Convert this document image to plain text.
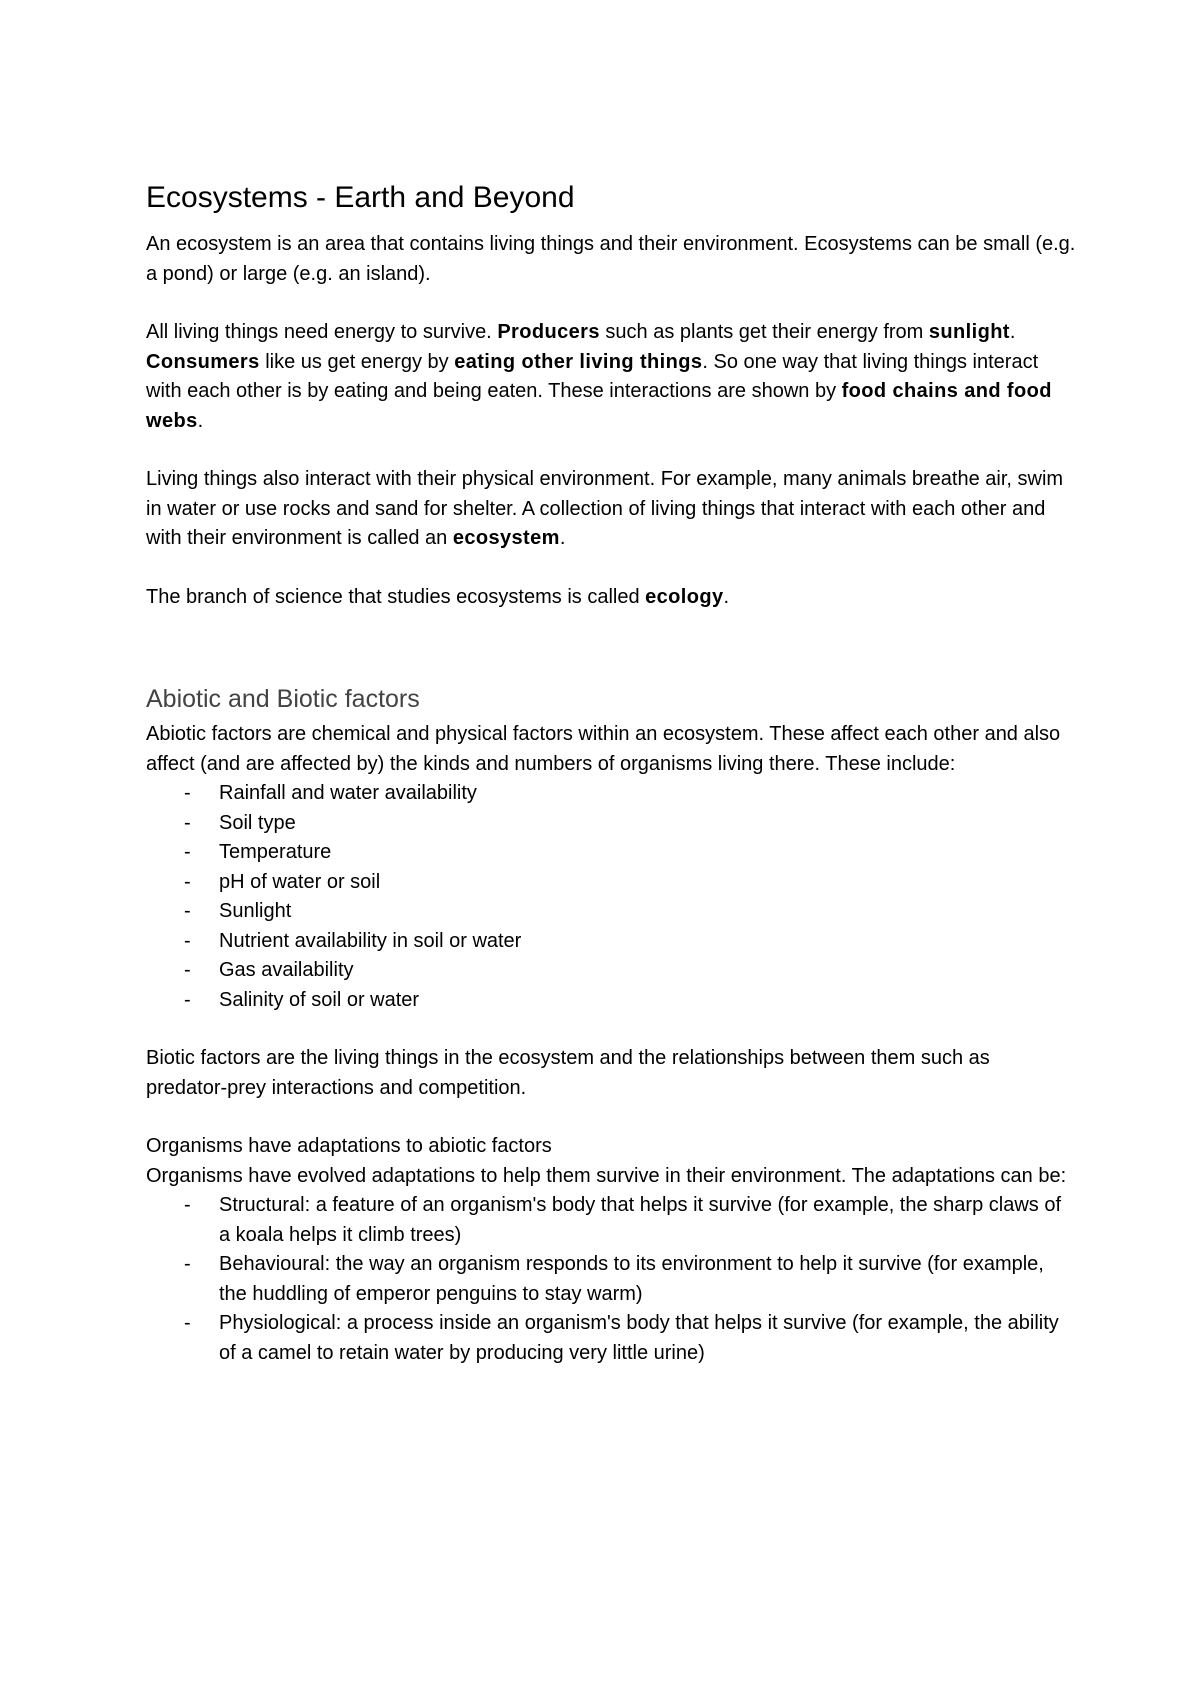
Ecosystems - Earth and Beyond

An ecosystem is an area that contains living things and their environment. Ecosystems can be small (e.g. a pond) or large (e.g. an island).

All living things need energy to survive. Producers such as plants get their energy from sunlight. Consumers like us get energy by eating other living things. So one way that living things interact with each other is by eating and being eaten. These interactions are shown by food chains and food webs.

Living things also interact with their physical environment. For example, many animals breathe air, swim in water or use rocks and sand for shelter. A collection of living things that interact with each other and with their environment is called an ecosystem.

The branch of science that studies ecosystems is called ecology.

Abiotic and Biotic factors

Abiotic factors are chemical and physical factors within an ecosystem. These affect each other and also affect (and are affected by) the kinds and numbers of organisms living there. These include:

- Rainfall and water availability
- Soil type
- Temperature
- pH of water or soil
- Sunlight
- Nutrient availability in soil or water
- Gas availability
- Salinity of soil or water

Biotic factors are the living things in the ecosystem and the relationships between them such as predator-prey interactions and competition.

Organisms have adaptations to abiotic factors

Organisms have evolved adaptations to help them survive in their environment. The adaptations can be:

- Structural: a feature of an organism's body that helps it survive (for example, the sharp claws of a koala helps it climb trees)
- Behavioural: the way an organism responds to its environment to help it survive (for example, the huddling of emperor penguins to stay warm)
- Physiological: a process inside an organism's body that helps it survive (for example, the ability of a camel to retain water by producing very little urine)
